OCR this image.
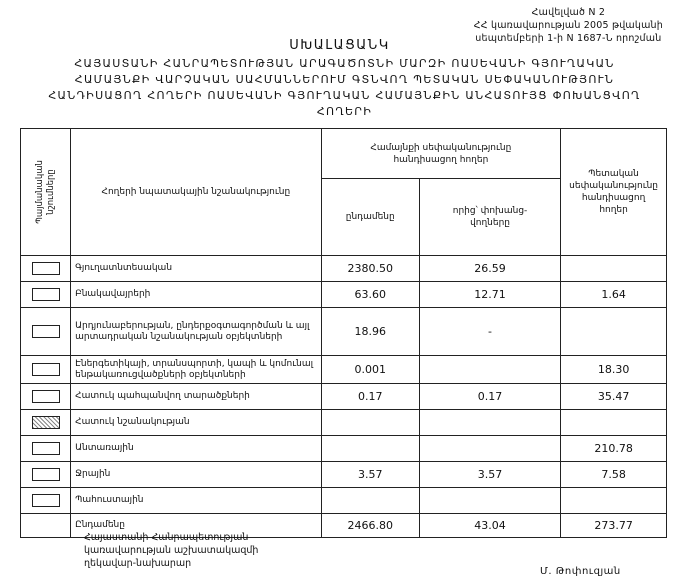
Հավելված N 2
ՀՀ կառավարության 2005 թվականի
սեպտեմբերի 1-ի N 1687-Ն որոշման
ՍԽԱԼԱՑԱՆԿ
ՀԱՅԱՍՏԱՆԻ ՀԱՆՐԱՊԵՏՈՒԹՅԱՆ ԱՐԱԳԱԾՈՏՆԻ ՄԱՐԶԻ ՈԱՍԵՎԱՆԻ ԳՅՈՒՂԱԿԱՆ
ՀԱՄԱՅՆՔԻ ՎԱՐՉԱԿԱՆ ՍԱՀՄԱՆՆԵՐՈՒՄ ԳՏՆՎՈՂ ՊԵՏԱԿԱՆ ՍԵՓԱԿԱՆՈՒԹՅՈՒՆ
ՀԱՆԴԻՍԱՑՈՂ ՀՈՂԵՐԻ ՈԱՍԵՎԱՆԻ ԳՅՈՒՂԱԿԱՆ ՀԱՄԱՅՆՔԻՆ ԱՆՀԱՏՈՒՅՑ ՓՈԽԱՆՑՎՈՂ
ՀՈՂԵՐԻ
Պայմանական նշումները	Հողերի նպատակային նշանակությունը	Համայնքի սեփականությունը հանդիսացող հողեր		Պետական սեփականությունը հանդիսացող հողեր
		ընդամենը	որից՝ փոխանց-վողները	
	Գյուղատնտեսական	2380.50	26.59	
	Բնակավայրերի	63.60	12.71	1.64
	Արդյունաբերության, ընդերքօգտագործման և այլ արտադրական նշանակության օբյեկտների	18.96	-	
	Էներգետիկայի, տրանսպորտի, կապի և կոմունալ ենթակառուցվածքների օբյեկտների	0.001		18.30
	Հատուկ պահպանվող տարածքների	0.17	0.17	35.47
	Հատուկ նշանակության			
	Անտառային			210.78
	Ջրային	3.57	3.57	7.58
	Պահուստային			
	Ընդամենը	2466.80	43.04	273.77
Հայաստանի Հանրապետության
կառավարության աշխատակազմի
ղեկավար-նախարար
Մ. Թոփուզյան
